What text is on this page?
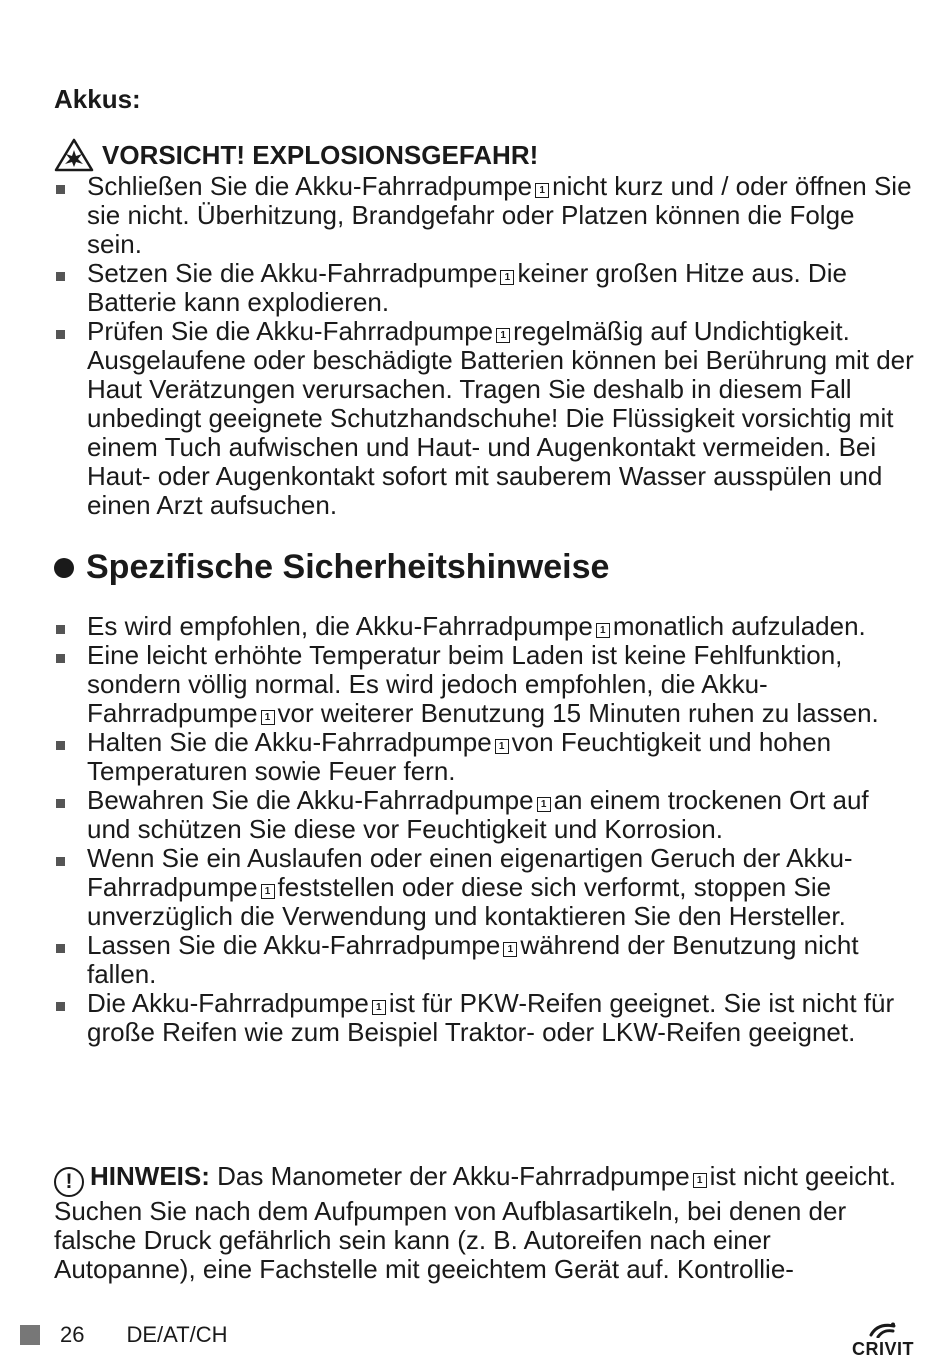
Akkus:
VORSICHT! EXPLOSIONSGEFAHR!
Schließen Sie die Akku-Fahrradpumpe 1 nicht kurz und / oder öffnen Sie sie nicht. Überhitzung, Brandgefahr oder Platzen können die Folge sein.
Setzen Sie die Akku-Fahrradpumpe 1 keiner großen Hitze aus. Die Batterie kann explodieren.
Prüfen Sie die Akku-Fahrradpumpe 1 regelmäßig auf Undichtigkeit. Ausgelaufene oder beschädigte Batterien können bei Berührung mit der Haut Verätzungen verursachen. Tragen Sie deshalb in diesem Fall unbedingt geeignete Schutzhandschuhe! Die Flüssigkeit vorsichtig mit einem Tuch aufwischen und Haut- und Augenkontakt vermeiden. Bei Haut- oder Augenkontakt sofort mit sauberem Wasser ausspülen und einen Arzt aufsuchen.
Spezifische Sicherheitshinweise
Es wird empfohlen, die Akku-Fahrradpumpe 1 monatlich aufzuladen.
Eine leicht erhöhte Temperatur beim Laden ist keine Fehlfunktion, sondern völlig normal. Es wird jedoch empfohlen, die Akku-Fahrradpumpe 1 vor weiterer Benutzung 15 Minuten ruhen zu lassen.
Halten Sie die Akku-Fahrradpumpe 1 von Feuchtigkeit und hohen Temperaturen sowie Feuer fern.
Bewahren Sie die Akku-Fahrradpumpe 1 an einem trockenen Ort auf und schützen Sie diese vor Feuchtigkeit und Korrosion.
Wenn Sie ein Auslaufen oder einen eigenartigen Geruch der Akku-Fahrradpumpe 1 feststellen oder diese sich verformt, stoppen Sie unverzüglich die Verwendung und kontaktieren Sie den Hersteller.
Lassen Sie die Akku-Fahrradpumpe 1 während der Benutzung nicht fallen.
Die Akku-Fahrradpumpe 1 ist für PKW-Reifen geeignet. Sie ist nicht für große Reifen wie zum Beispiel Traktor- oder LKW-Reifen geeignet.

! HINWEIS: Das Manometer der Akku-Fahrradpumpe 1 ist nicht geeicht. Suchen Sie nach dem Aufpumpen von Aufblasartikeln, bei denen der falsche Druck gefährlich sein kann (z. B. Autoreifen nach einer Autopanne), eine Fachstelle mit geeichtem Gerät auf. Kontrollie-

26 DE/AT/CH
CRIVIT
